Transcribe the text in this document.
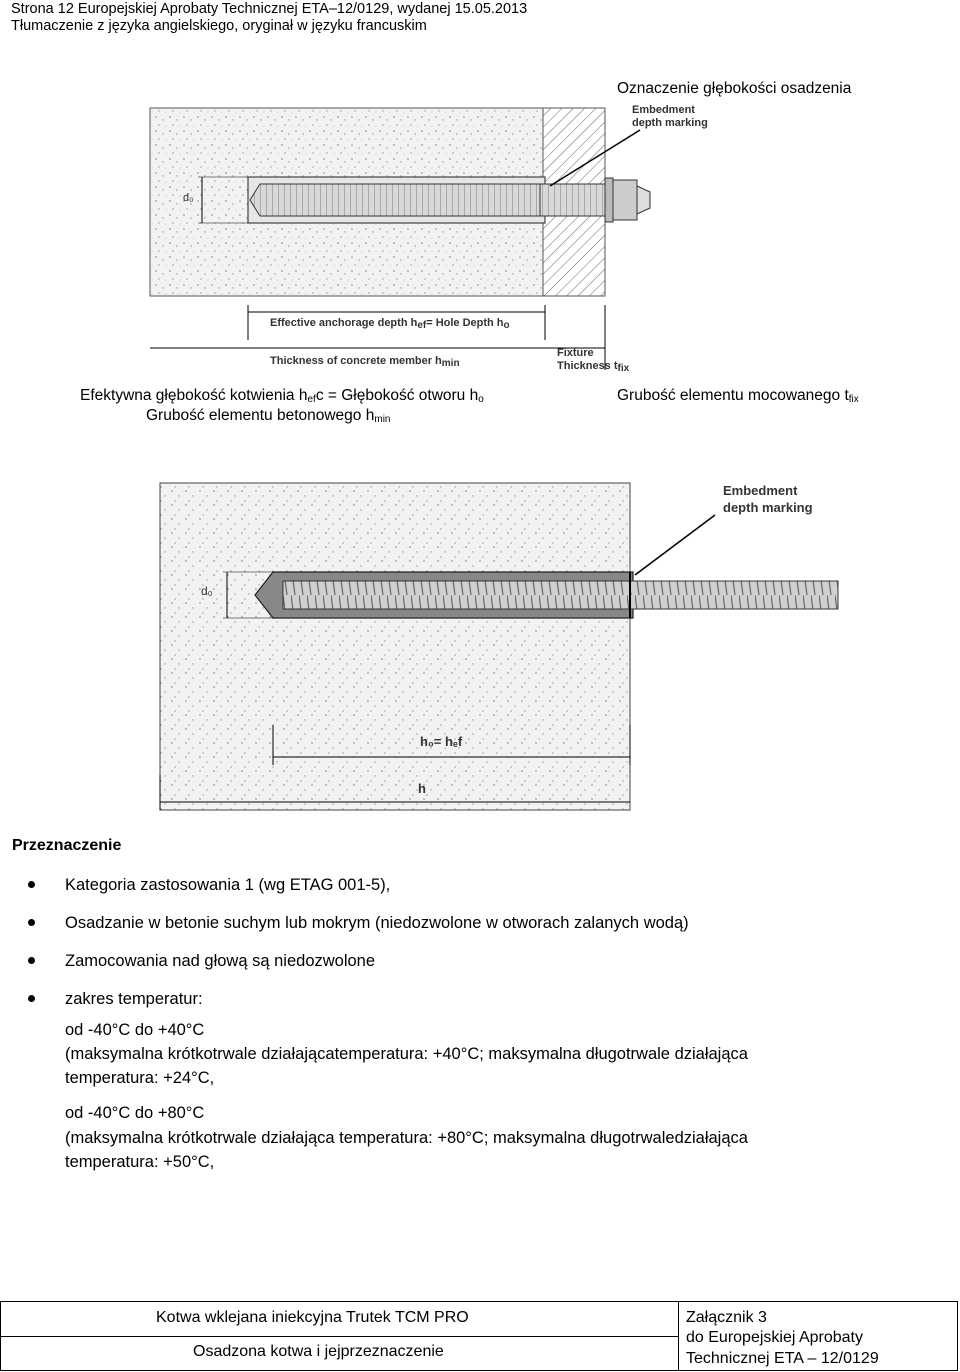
Strona 12 Europejskiej Aprobaty Technicznej ETA–12/0129, wydanej 15.05.2013
Tłumaczenie z języka angielskiego, oryginał w języku francuskim
Oznaczenie głębokości osadzenia
Embedment
depth marking
d₀
Effective anchorage depth $h_{ef}=$ Hole Depth $h_o$
Thickness of concrete member $h_{min}$
Fixture
Thickness $t_{fix}$
Efektywna głębokość kotwienia $h_{ef}c$ = Głębokość otworu $h_o$
Grubość elementu betonowego $h_{min}$
Grubość elementu mocowanego $t_{fix}$
Embedment
depth marking
d₀
h₀= hₑf
h
Przeznaczenie
Kategoria zastosowania 1 (wg ETAG 001-5),
Osadzanie w betonie suchym lub mokrym (niedozwolone w otworach zalanych wodą)
Zamocowania nad głową są niedozwolone
zakres temperatur:
od -40°C do +40°C
(maksymalna krótkotrwale działającatemperatura: +40°C; maksymalna długotrwale działająca
temperatura: +24°C,
od -40°C do +80°C
(maksymalna krótkotrwale działająca temperatura: +80°C; maksymalna długotrwaledziałająca
temperatura: +50°C,
Kotwa wklejana iniekcyjna Trutek TCM PRO
Osadzona kotwa i jejprzeznaczenie
Załącznik 3
do Europejskiej Aprobaty
Technicznej ETA – 12/0129
